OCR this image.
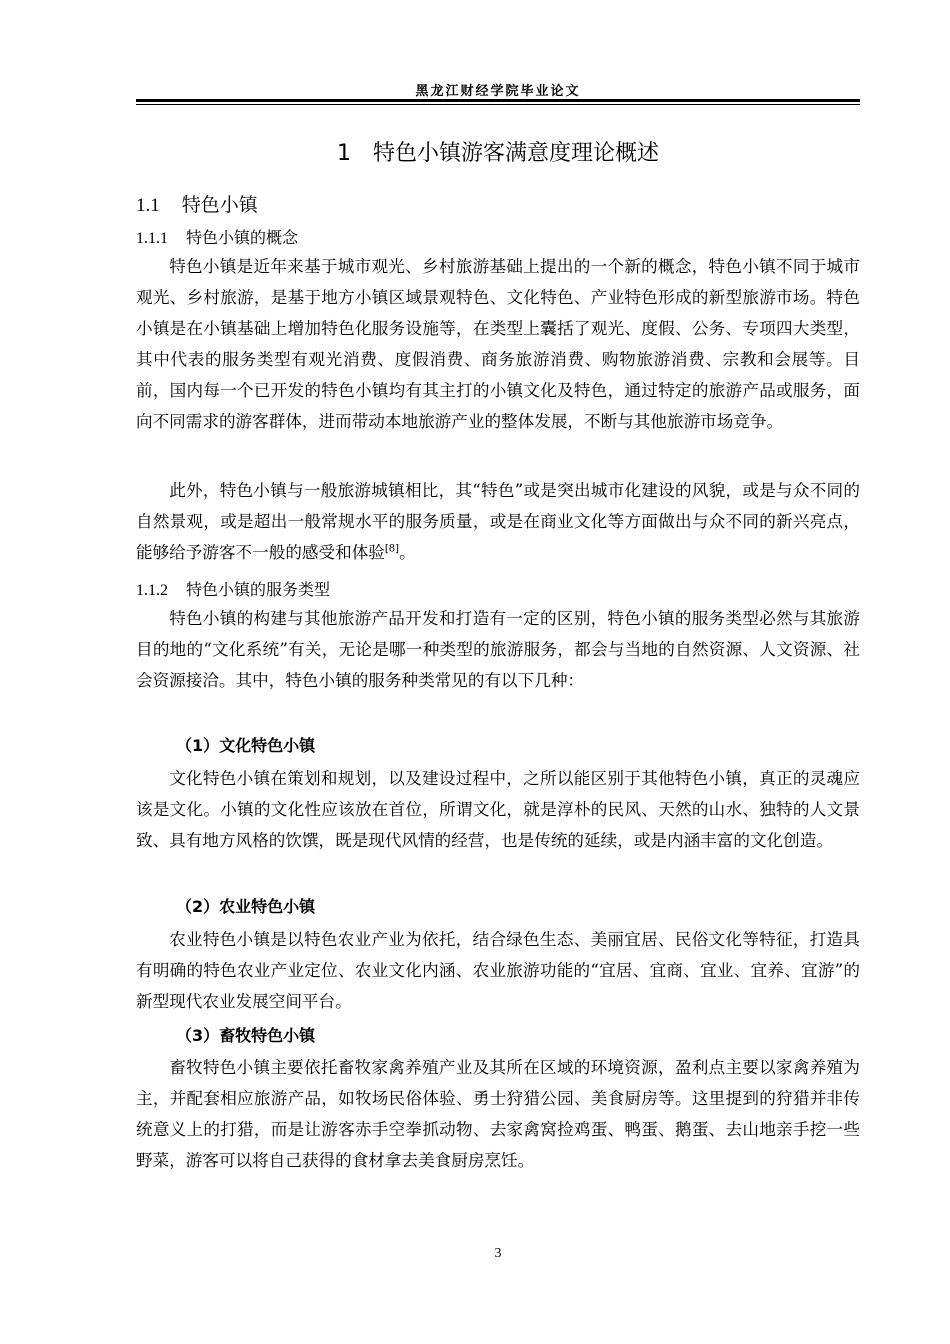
黑龙江财经学院毕业论文
1 特色小镇游客满意度理论概述
1.1 特色小镇
1.1.1 特色小镇的概念

特色小镇是近年来基于城市观光、乡村旅游基础上提出的一个新的概念，特色小镇不同于城市观光、乡村旅游，是基于地方小镇区域景观特色、文化特色、产业特色形成的新型旅游市场。特色小镇是在小镇基础上增加特色化服务设施等，在类型上囊括了观光、度假、公务、专项四大类型，其中代表的服务类型有观光消费、度假消费、商务旅游消费、购物旅游消费、宗教和会展等。目前，国内每一个已开发的特色小镇均有其主打的小镇文化及特色，通过特定的旅游产品或服务，面向不同需求的游客群体，进而带动本地旅游产业的整体发展，不断与其他旅游市场竞争。

此外，特色小镇与一般旅游城镇相比，其“特色”或是突出城市化建设的风貌，或是与众不同的自然景观，或是超出一般常规水平的服务质量，或是在商业文化等方面做出与众不同的新兴亮点，能够给予游客不一般的感受和体验[8]。

1.1.2 特色小镇的服务类型

特色小镇的构建与其他旅游产品开发和打造有一定的区别，特色小镇的服务类型必然与其旅游目的地的“文化系统”有关，无论是哪一种类型的旅游服务，都会与当地的自然资源、人文资源、社会资源接洽。其中，特色小镇的服务种类常见的有以下几种：

（1）文化特色小镇

文化特色小镇在策划和规划，以及建设过程中，之所以能区别于其他特色小镇，真正的灵魂应该是文化。小镇的文化性应该放在首位，所谓文化，就是淳朴的民风、天然的山水、独特的人文景致、具有地方风格的饮馔，既是现代风情的经营，也是传统的延续，或是内涵丰富的文化创造。

（2）农业特色小镇

农业特色小镇是以特色农业产业为依托，结合绿色生态、美丽宜居、民俗文化等特征，打造具有明确的特色农业产业定位、农业文化内涵、农业旅游功能的“宜居、宜商、宜业、宜养、宜游”的新型现代农业发展空间平台。

（3）畜牧特色小镇

畜牧特色小镇主要依托畜牧家禽养殖产业及其所在区域的环境资源，盈利点主要以家禽养殖为主，并配套相应旅游产品，如牧场民俗体验、勇士狩猎公园、美食厨房等。这里提到的狩猎并非传统意义上的打猎，而是让游客赤手空拳抓动物、去家禽窝捡鸡蛋、鸭蛋、鹅蛋、去山地亲手挖一些野菜，游客可以将自己获得的食材拿去美食厨房烹饪。

3
